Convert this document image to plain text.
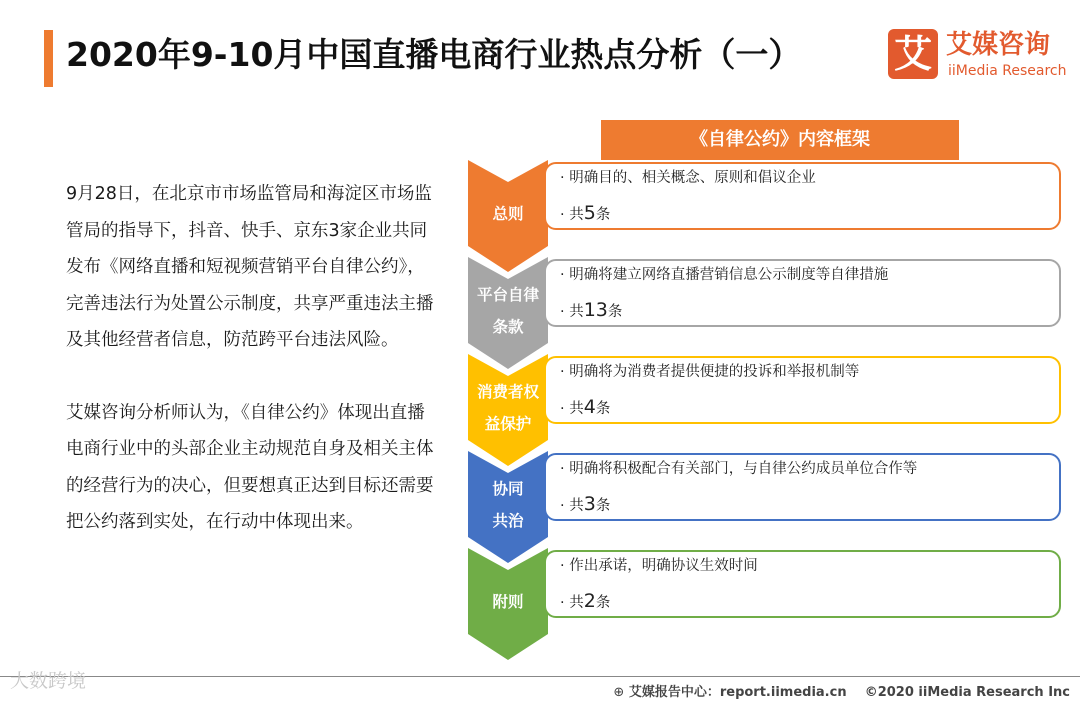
2020年9-10月中国直播电商行业热点分析（一） 艾 艾媒咨询
iiMedia Research

9月28日，在北京市市场监管局和海淀区市场监管局的指导下，抖音、快手、京东3家企业共同发布《网络直播和短视频营销平台自律公约》，完善违法行为处置公示制度，共享严重违法主播及其他经营者信息，防范跨平台违法风险。

艾媒咨询分析师认为，《自律公约》体现出直播电商行业中的头部企业主动规范自身及相关主体的经营行为的决心，但要想真正达到目标还需要把公约落到实处，在行动中体现出来。

《自律公约》内容框架
总则
· 明确目的、相关概念、原则和倡议企业
· 共5条
平台自律
条款
· 明确将建立网络直播营销信息公示制度等自律措施
· 共13条
消费者权
益保护
· 明确将为消费者提供便捷的投诉和举报机制等
· 共4条
协同
共治
· 明确将积极配合有关部门，与自律公约成员单位合作等
· 共3条
附则
· 作出承诺，明确协议生效时间
· 共2条
大数跨境
⊕ 艾媒报告中心：report.iimedia.cn ©2020 iiMedia Research Inc
